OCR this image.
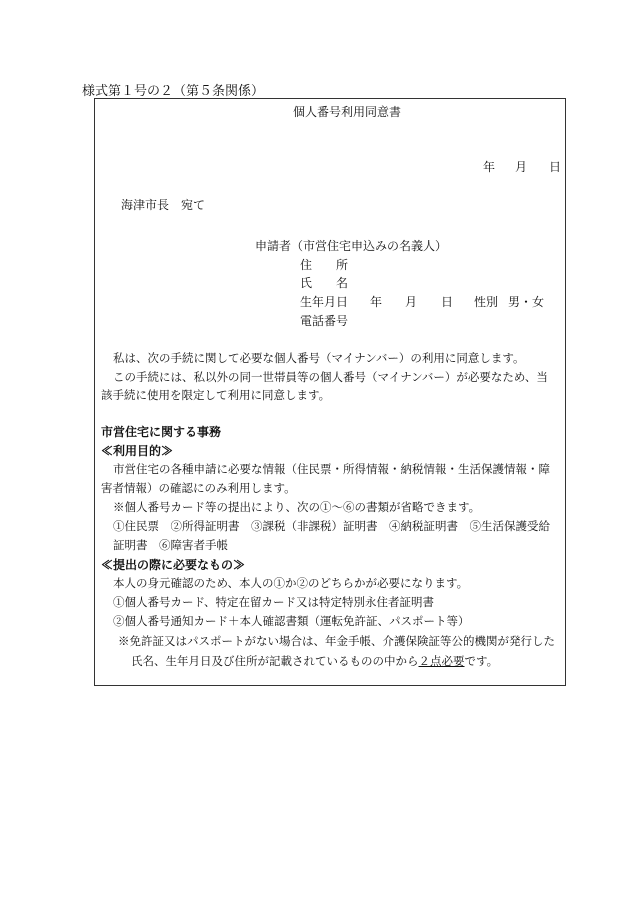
様式第１号の２（第５条関係）
個人番号利用同意書
年 月 日
海津市長　宛て
申請者（市営住宅申込みの名義人）
住　　所
氏　　名
生年月日 年 月 日 性別 男・女
電話番号
私は、次の手続に関して必要な個人番号（マイナンバー）の利用に同意します。
この手続には、私以外の同一世帯員等の個人番号（マイナンバー）が必要なため、当
該手続に使用を限定して利用に同意します。
市営住宅に関する事務
≪利用目的≫
市営住宅の各種申請に必要な情報（住民票・所得情報・納税情報・生活保護情報・障
害者情報）の確認にのみ利用します。
※個人番号カード等の提出により、次の①～⑥の書類が省略できます。
①住民票　②所得証明書　③課税（非課税）証明書　④納税証明書　⑤生活保護受給
証明書　⑥障害者手帳
≪提出の際に必要なもの≫
本人の身元確認のため、本人の①か②のどちらかが必要になります。
①個人番号カード、特定在留カード又は特定特別永住者証明書
②個人番号通知カード＋本人確認書類（運転免許証、パスポート等）
※免許証又はパスポートがない場合は、年金手帳、介護保険証等公的機関が発行した
氏名、生年月日及び住所が記載されているものの中から２点必要です。
